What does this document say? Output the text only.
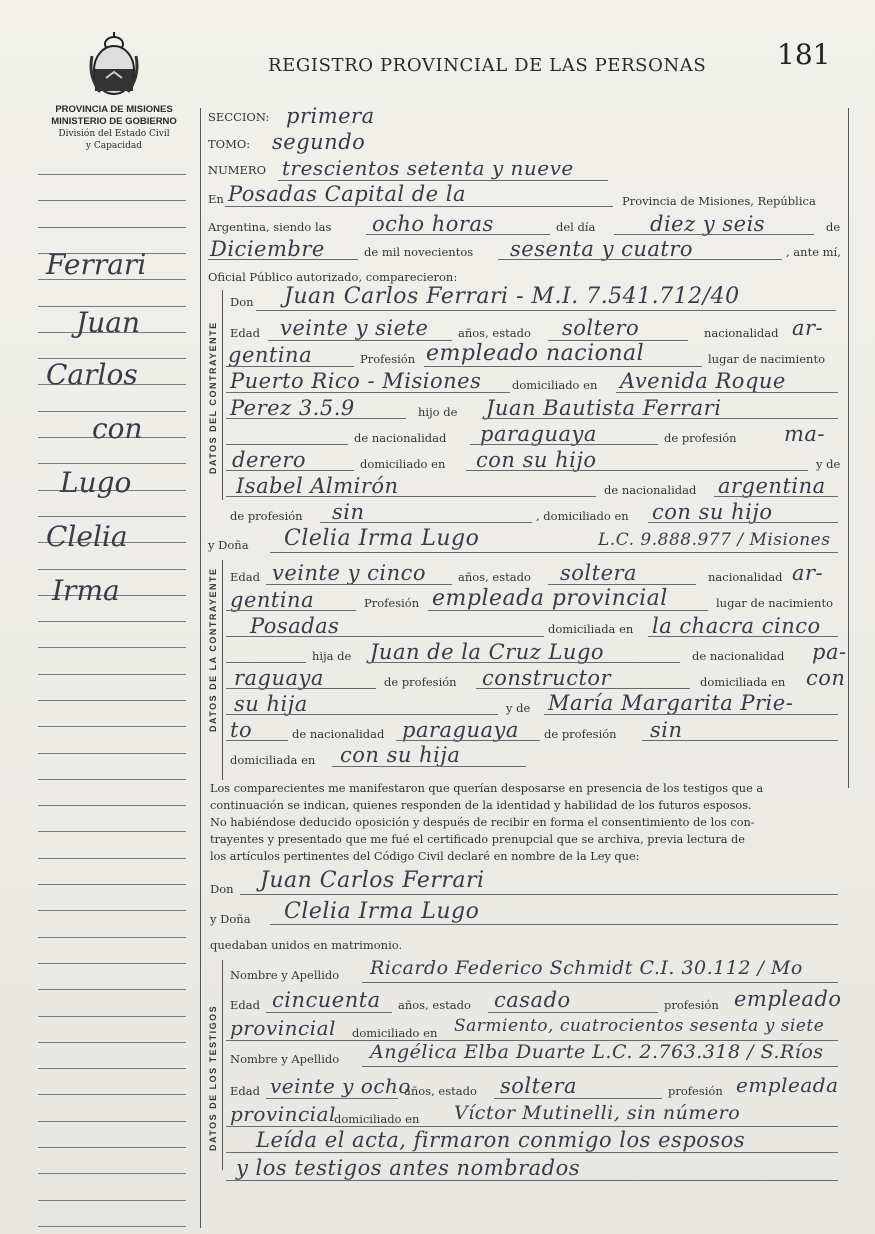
PROVINCIA DE MISIONES
MINISTERIO DE GOBIERNO
División del Estado Civil
y Capacidad
Ferrari
Juan
Carlos
con
Lugo
Clelia
Irma
DATOS DEL CONTRAYENTE
DATOS DE LA CONTRAYENTE
DATOS DE LOS TESTIGOS
REGISTRO PROVINCIAL DE LAS PERSONAS	181
SECCION: primera
TOMO: segundo
NUMERO trescientos setenta y nueve
En Posadas Capital de la	Provincia de Misiones, República
Argentina, siendo las ocho horas	del día	diez y seis	de
Diciembre	de mil novecientos sesenta y cuatro	, ante mí,
Oficial Público autorizado, comparecieron:
Don Juan Carlos Ferrari - M.I. 7.541.712/40
Edad veinte y siete	años, estado soltero	nacionalidad ar-
gentina	Profesión empleado nacional	lugar de nacimiento
Puerto Rico - Misiones	domiciliado en Avenida Roque
Perez 3.5.9	hijo de Juan Bautista Ferrari
de nacionalidad paraguaya	de profesión ma-
derero	domiciliado en con su hijo	y de
Isabel Almirón	de nacionalidad argentina
de profesión sin	, domiciliado en con su hijo
y Doña Clelia Irma Lugo	L.C. 9.888.977 / Misiones
Edad veinte y cinco	años, estado soltera	nacionalidad ar-
gentina	Profesión empleada provincial	lugar de nacimiento
Posadas	domiciliada en la chacra cinco
hija de Juan de la Cruz Lugo	de nacionalidad pa-
raguaya	de profesión constructor	domiciliada en con
su hija	y de María Margarita Prie-
to	de nacionalidad paraguaya de profesión sin
domiciliada en con su hija
Los comparecientes me manifestaron que querían desposarse en presencia de los testigos que a
continuación se indican, quienes responden de la identidad y habilidad de los futuros esposos.
No habiéndose deducido oposición y después de recibir en forma el consentimiento de los con-
trayentes y presentado que me fué el certificado prenupcial que se archiva, previa lectura de
los artículos pertinentes del Código Civil declaré en nombre de la Ley que:
Don Juan Carlos Ferrari
y Doña Clelia Irma Lugo
quedaban unidos en matrimonio.
Nombre y Apellido Ricardo Federico Schmidt C.I. 30.112 / Mo
Edad cincuenta años, estado casado	profesión empleado
provincial domiciliado en Sarmiento, cuatrocientos sesenta y siete
Nombre y Apellido Angélica Elba Duarte L.C. 2.763.318 / S.Ríos
Edad veinte y ocho
años, estado soltera	profesión empleada
provincial
domiciliado en Víctor Mutinelli, sin número
Leída el acta, firmaron conmigo los esposos
y los testigos antes nombrados
